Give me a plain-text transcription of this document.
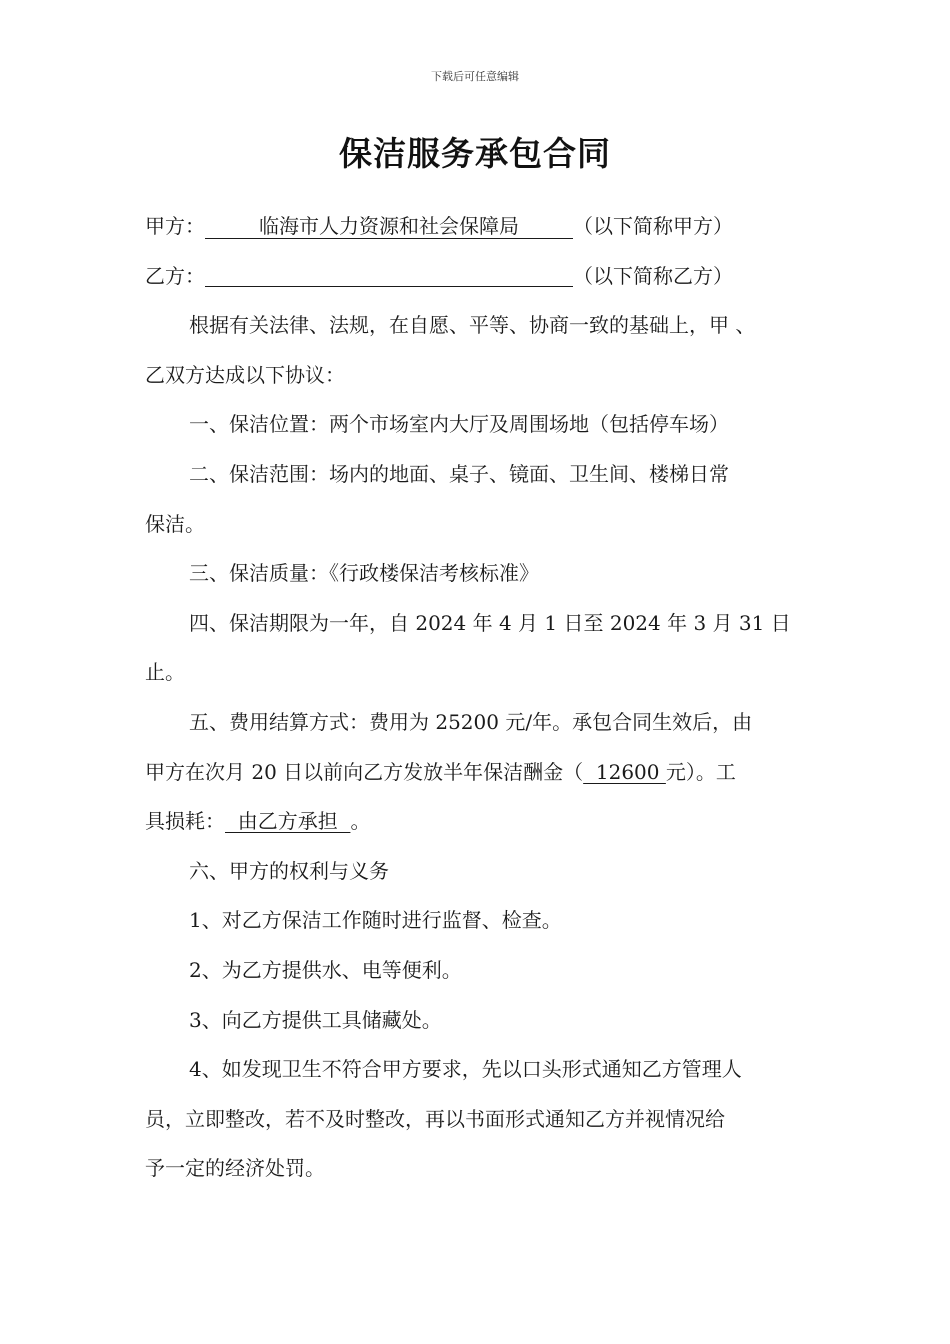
下载后可任意编辑
保洁服务承包合同
甲方：	临海市人力资源和社会保障局	（以下简称甲方）
乙方：	（以下简称乙方）
根据有关法律、法规，在自愿、平等、协商一致的基础上，甲 、
乙双方达成以下协议：
一、保洁位置：两个市场室内大厅及周围场地（包括停车场）
二、保洁范围：场内的地面、桌子、镜面、卫生间、楼梯日常
保洁。
三、保洁质量：《行政楼保洁考核标准》
四、保洁期限为一年，自 2024 年 4 月 1 日至 2024 年 3 月 31 日
止。
五、费用结算方式：费用为 25200 元/年。承包合同生效后，由
甲方在次月 20 日以前向乙方发放半年保洁酬金（  12600 元）。工
具损耗：  由乙方承担  。
六、甲方的权利与义务
1、对乙方保洁工作随时进行监督、检查。
2、为乙方提供水、电等便利。
3、向乙方提供工具储藏处。
4、如发现卫生不符合甲方要求，先以口头形式通知乙方管理人
员，立即整改，若不及时整改，再以书面形式通知乙方并视情况给
予一定的经济处罚。
